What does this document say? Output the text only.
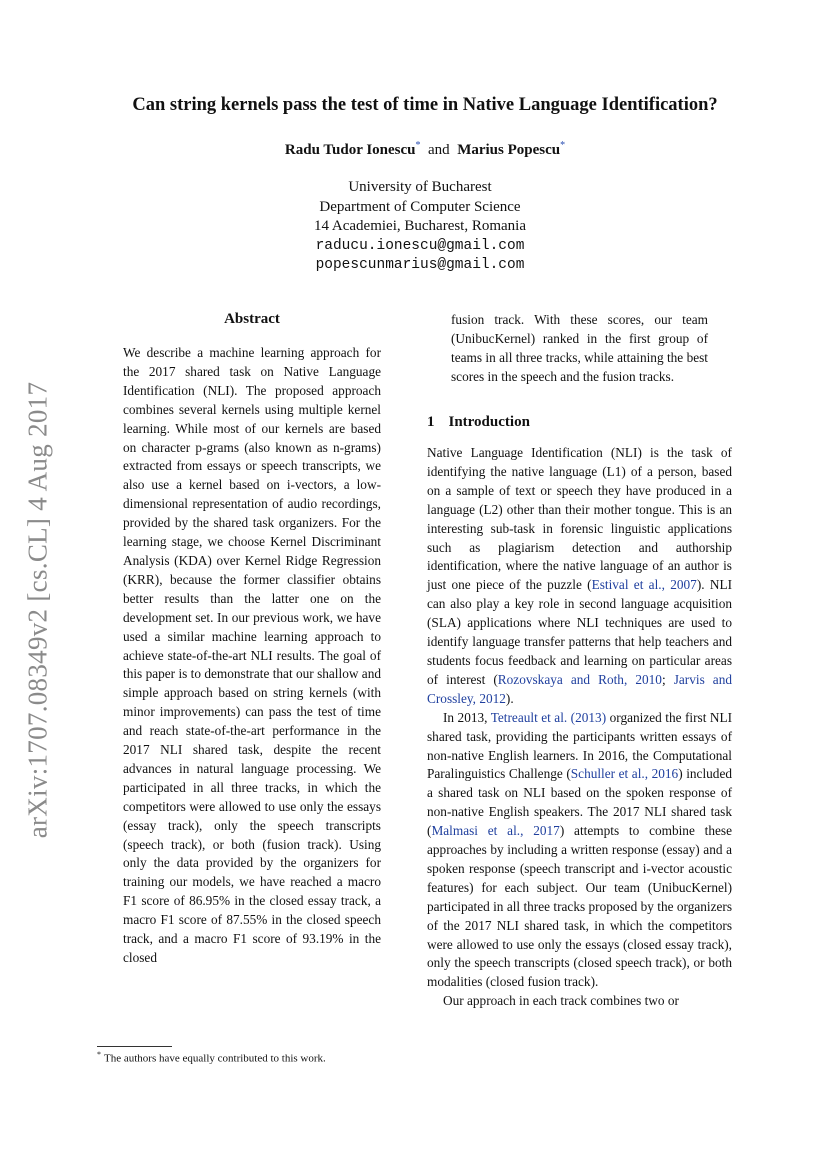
arXiv:1707.08349v2 [cs.CL] 4 Aug 2017
Can string kernels pass the test of time in Native Language Identification?
Radu Tudor Ionescu* and Marius Popescu*
University of Bucharest
Department of Computer Science
14 Academiei, Bucharest, Romania
raducu.ionescu@gmail.com
popescunmarius@gmail.com
Abstract
We describe a machine learning approach for the 2017 shared task on Native Language Identification (NLI). The proposed approach combines several kernels using multiple kernel learning. While most of our kernels are based on character p-grams (also known as n-grams) extracted from essays or speech transcripts, we also use a kernel based on i-vectors, a low-dimensional representation of audio recordings, provided by the shared task organizers. For the learning stage, we choose Kernel Discriminant Analysis (KDA) over Kernel Ridge Regression (KRR), because the former classifier obtains better results than the latter one on the development set. In our previous work, we have used a similar machine learning approach to achieve state-of-the-art NLI results. The goal of this paper is to demonstrate that our shallow and simple approach based on string kernels (with minor improvements) can pass the test of time and reach state-of-the-art performance in the 2017 NLI shared task, despite the recent advances in natural language processing. We participated in all three tracks, in which the competitors were allowed to use only the essays (essay track), only the speech transcripts (speech track), or both (fusion track). Using only the data provided by the organizers for training our models, we have reached a macro F1 score of 86.95% in the closed essay track, a macro F1 score of 87.55% in the closed speech track, and a macro F1 score of 93.19% in the closed
fusion track. With these scores, our team (UnibucKernel) ranked in the first group of teams in all three tracks, while attaining the best scores in the speech and the fusion tracks.
1 Introduction

Native Language Identification (NLI) is the task of identifying the native language (L1) of a person, based on a sample of text or speech they have produced in a language (L2) other than their mother tongue. This is an interesting sub-task in forensic linguistic applications such as plagiarism detection and authorship identification, where the native language of an author is just one piece of the puzzle (Estival et al., 2007). NLI can also play a key role in second language acquisition (SLA) applications where NLI techniques are used to identify language transfer patterns that help teachers and students focus feedback and learning on particular areas of interest (Rozovskaya and Roth, 2010; Jarvis and Crossley, 2012).

In 2013, Tetreault et al. (2013) organized the first NLI shared task, providing the participants written essays of non-native English learners. In 2016, the Computational Paralinguistics Challenge (Schuller et al., 2016) included a shared task on NLI based on the spoken response of non-native English speakers. The 2017 NLI shared task (Malmasi et al., 2017) attempts to combine these approaches by including a written response (essay) and a spoken response (speech transcript and i-vector acoustic features) for each subject. Our team (UnibucKernel) participated in all three tracks proposed by the organizers of the 2017 NLI shared task, in which the competitors were allowed to use only the essays (closed essay track), only the speech transcripts (closed speech track), or both modalities (closed fusion track).

Our approach in each track combines two or

* The authors have equally contributed to this work.
